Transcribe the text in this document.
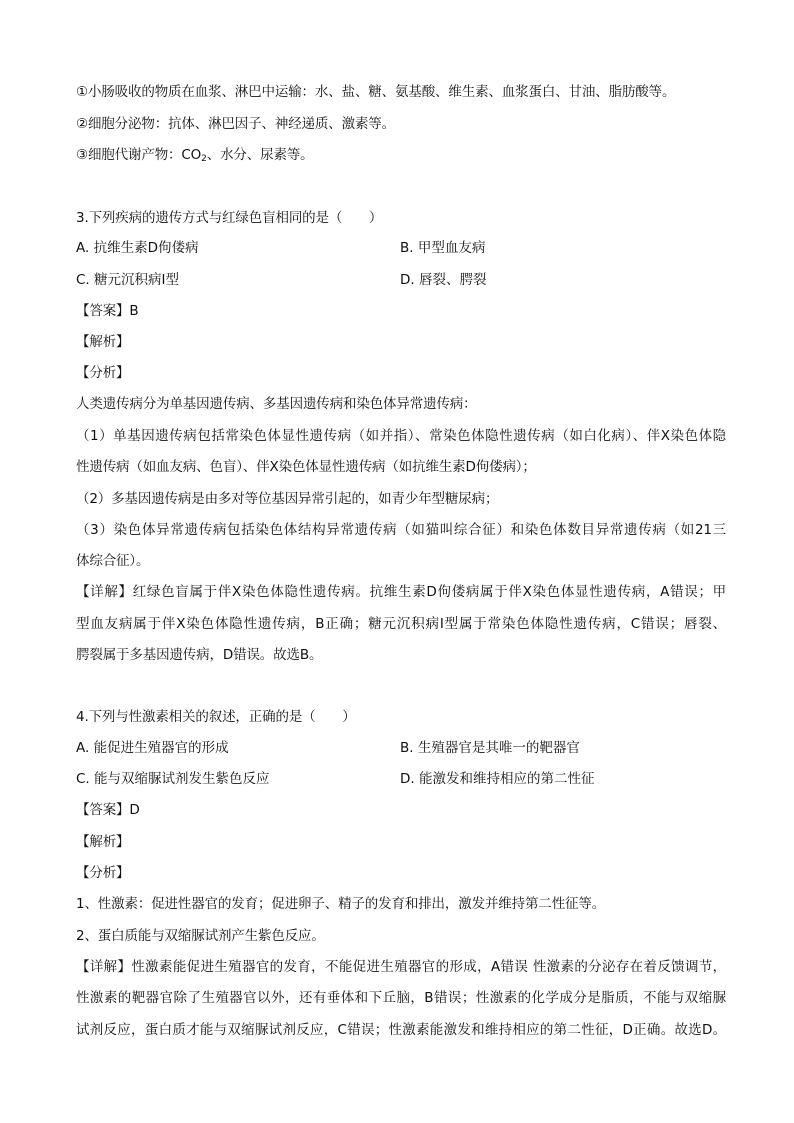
①小肠吸收的物质在血浆、淋巴中运输：水、盐、糖、氨基酸、维生素、血浆蛋白、甘油、脂肪酸等。
②细胞分泌物：抗体、淋巴因子、神经递质、激素等。
③细胞代谢产物：$CO_2$、水分、尿素等。
3.下列疾病的遗传方式与红绿色盲相同的是（　　）
A. 抗维生素D佝偻病	B. 甲型血友病
C. 糖元沉积病I型	D. 唇裂、腭裂
【答案】B
【解析】
【分析】
人类遗传病分为单基因遗传病、多基因遗传病和染色体异常遗传病：
（1）单基因遗传病包括常染色体显性遗传病（如并指）、常染色体隐性遗传病（如白化病）、伴X染色体隐
性遗传病（如血友病、色盲）、伴X染色体显性遗传病（如抗维生素D佝偻病）；
（2）多基因遗传病是由多对等位基因异常引起的，如青少年型糖尿病；
（3）染色体异常遗传病包括染色体结构异常遗传病（如猫叫综合征）和染色体数目异常遗传病（如21三
体综合征）。
【详解】红绿色盲属于伴X染色体隐性遗传病。抗维生素D佝偻病属于伴X染色体显性遗传病，A错误；甲
型血友病属于伴X染色体隐性遗传病，B正确；糖元沉积病I型属于常染色体隐性遗传病，C错误；唇裂、
腭裂属于多基因遗传病，D错误。故选B。
4.下列与性激素相关的叙述，正确的是（　　）
A. 能促进生殖器官的形成	B. 生殖器官是其唯一的靶器官
C. 能与双缩脲试剂发生紫色反应	D. 能激发和维持相应的第二性征
【答案】D
【解析】
【分析】
1、性激素：促进性器官的发育；促进卵子、精子的发育和排出，激发并维持第二性征等。
2、蛋白质能与双缩脲试剂产生紫色反应。
【详解】性激素能促进生殖器官的发育，不能促进生殖器官的形成，A错误 性激素的分泌存在着反馈调节，
性激素的靶器官除了生殖器官以外，还有垂体和下丘脑，B错误；性激素的化学成分是脂质，不能与双缩脲
试剂反应，蛋白质才能与双缩脲试剂反应，C错误；性激素能激发和维持相应的第二性征，D正确。故选D。
